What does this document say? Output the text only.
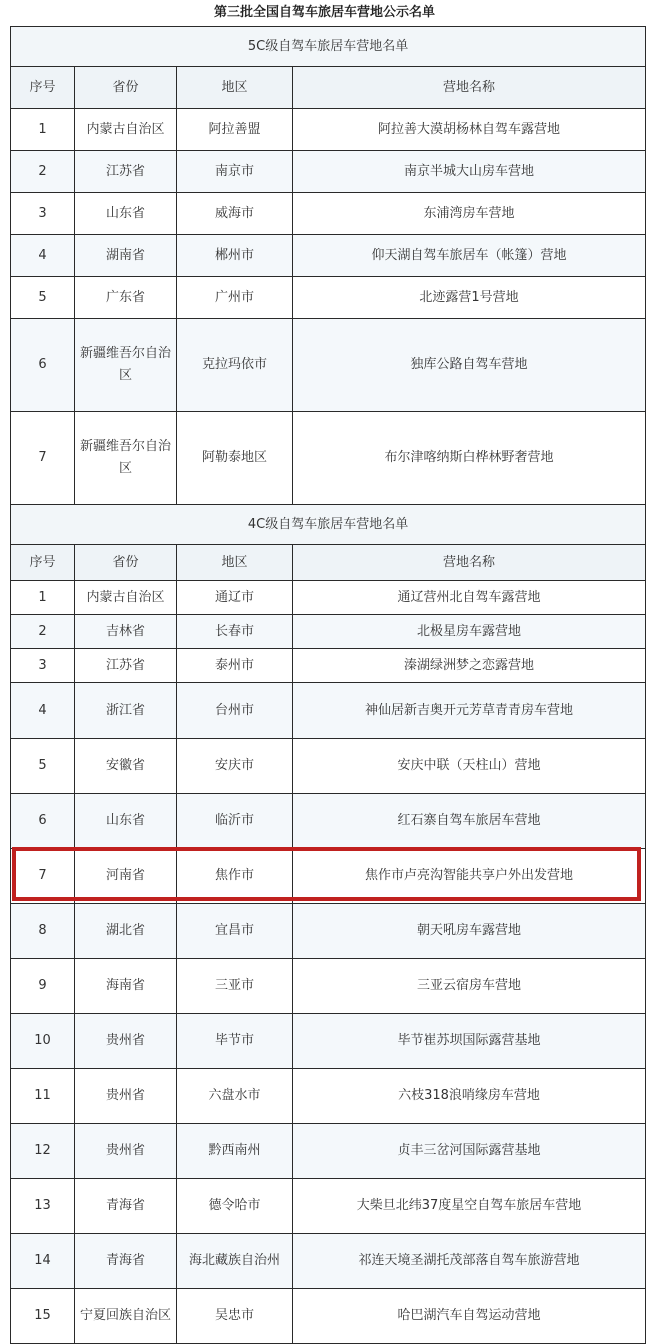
第三批全国自驾车旅居车营地公示名单
5C级自驾车旅居车营地名单			
序号	省份	地区	营地名称
1	内蒙古自治区	阿拉善盟	阿拉善大漠胡杨林自驾车露营地
2	江苏省	南京市	南京半城大山房车营地
3	山东省	威海市	东浦湾房车营地
4	湖南省	郴州市	仰天湖自驾车旅居车（帐篷）营地
5	广东省	广州市	北迹露营1号营地
6	新疆维吾尔自治区	克拉玛依市	独库公路自驾车营地
7	新疆维吾尔自治区	阿勒泰地区	布尔津喀纳斯白桦林野奢营地
4C级自驾车旅居车营地名单			
序号	省份	地区	营地名称
1	内蒙古自治区	通辽市	通辽营州北自驾车露营地
2	吉林省	长春市	北极星房车露营地
3	江苏省	泰州市	溱湖绿洲梦之恋露营地
4	浙江省	台州市	神仙居新吉奥开元芳草青青房车营地
5	安徽省	安庆市	安庆中联（天柱山）营地
6	山东省	临沂市	红石寨自驾车旅居车营地
7	河南省	焦作市	焦作市卢亮沟智能共享户外出发营地
8	湖北省	宜昌市	朝天吼房车露营地
9	海南省	三亚市	三亚云宿房车营地
10	贵州省	毕节市	毕节崔苏坝国际露营基地
11	贵州省	六盘水市	六枝318浪哨缘房车营地
12	贵州省	黔西南州	贞丰三岔河国际露营基地
13	青海省	德令哈市	大柴旦北纬37度星空自驾车旅居车营地
14	青海省	海北藏族自治州	祁连天境圣湖托茂部落自驾车旅游营地
15	宁夏回族自治区	吴忠市	哈巴湖汽车自驾运动营地
